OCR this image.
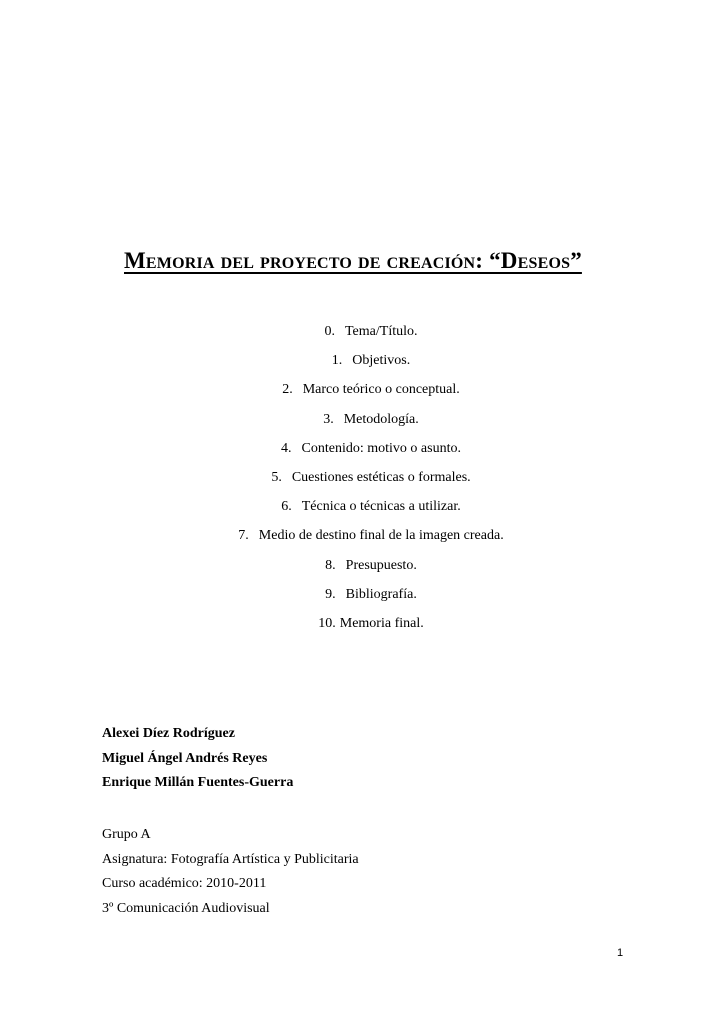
Memoria del proyecto de creación: “Deseos”
0. Tema/Título.
1. Objetivos.
2. Marco teórico o conceptual.
3. Metodología.
4. Contenido: motivo o asunto.
5. Cuestiones estéticas o formales.
6. Técnica o técnicas a utilizar.
7. Medio de destino final de la imagen creada.
8. Presupuesto.
9. Bibliografía.
10. Memoria final.
Alexei Díez Rodríguez
Miguel Ángel Andrés Reyes
Enrique Millán Fuentes-Guerra
Grupo A
Asignatura: Fotografía Artística y Publicitaria
Curso académico: 2010-2011
3º Comunicación Audiovisual
1
